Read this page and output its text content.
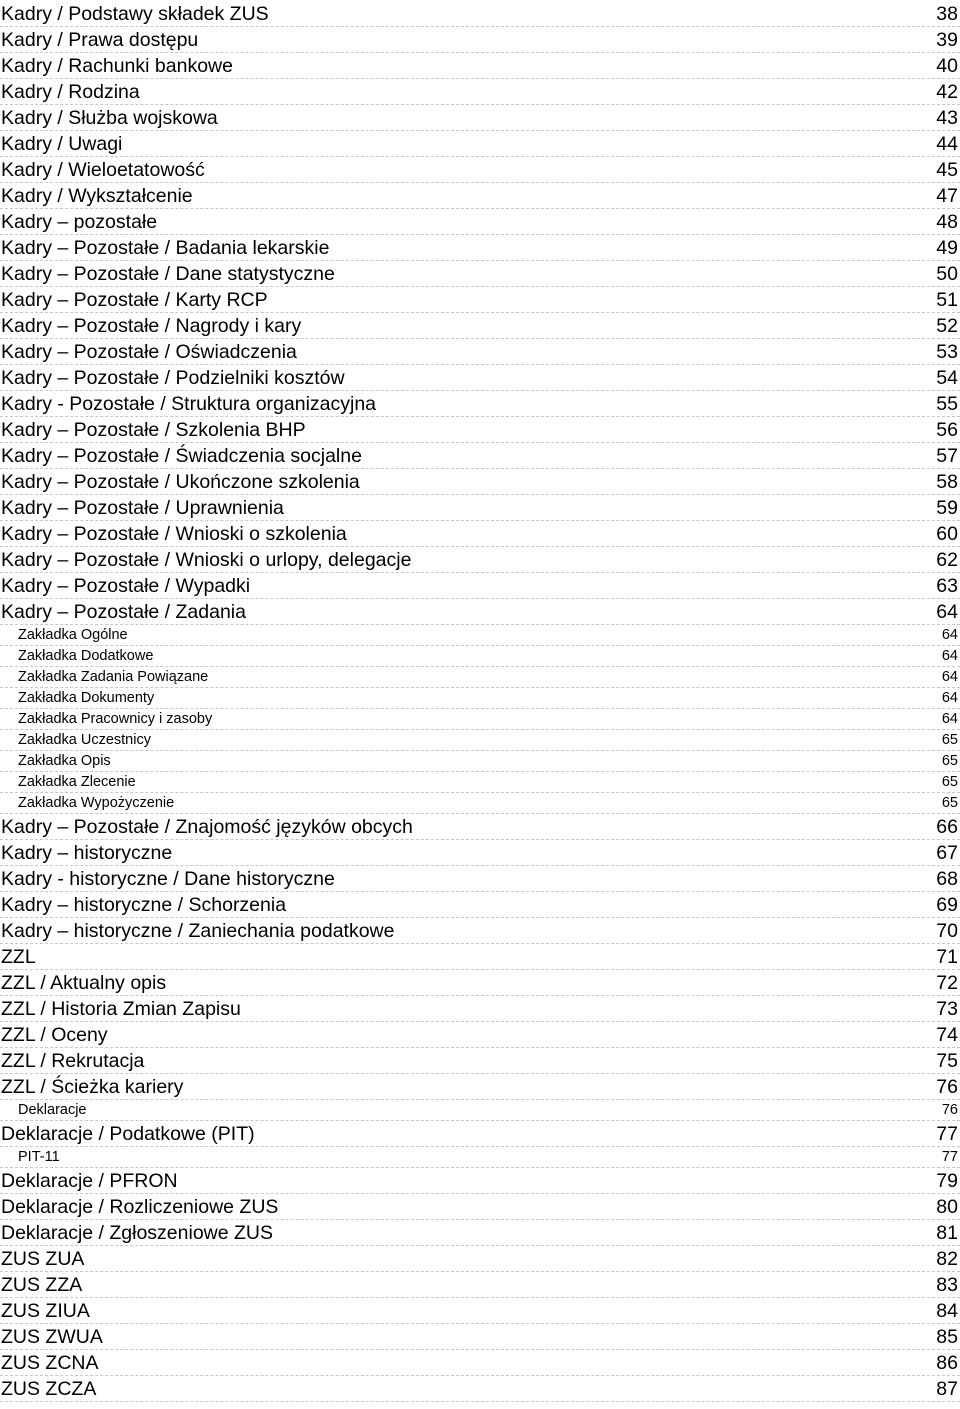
Kadry / Podstawy składek ZUS	38
Kadry / Prawa dostępu	39
Kadry / Rachunki bankowe	40
Kadry / Rodzina	42
Kadry / Służba wojskowa	43
Kadry / Uwagi	44
Kadry / Wieloetatowość	45
Kadry / Wykształcenie	47
Kadry – pozostałe	48
Kadry – Pozostałe / Badania lekarskie	49
Kadry – Pozostałe / Dane statystyczne	50
Kadry – Pozostałe / Karty RCP	51
Kadry – Pozostałe / Nagrody i kary	52
Kadry – Pozostałe / Oświadczenia	53
Kadry – Pozostałe / Podzielniki kosztów	54
Kadry - Pozostałe / Struktura organizacyjna	55
Kadry – Pozostałe / Szkolenia BHP	56
Kadry – Pozostałe / Świadczenia socjalne	57
Kadry – Pozostałe / Ukończone szkolenia	58
Kadry – Pozostałe / Uprawnienia	59
Kadry – Pozostałe / Wnioski o szkolenia	60
Kadry – Pozostałe / Wnioski o urlopy, delegacje	62
Kadry – Pozostałe / Wypadki	63
Kadry – Pozostałe / Zadania	64
Zakładka Ogólne	64
Zakładka Dodatkowe	64
Zakładka Zadania Powiązane	64
Zakładka Dokumenty	64
Zakładka Pracownicy i zasoby	64
Zakładka Uczestnicy	65
Zakładka Opis	65
Zakładka Zlecenie	65
Zakładka Wypożyczenie	65
Kadry – Pozostałe / Znajomość języków obcych	66
Kadry – historyczne	67
Kadry - historyczne / Dane historyczne	68
Kadry – historyczne / Schorzenia	69
Kadry – historyczne / Zaniechania podatkowe	70
ZZL	71
ZZL / Aktualny opis	72
ZZL / Historia Zmian Zapisu	73
ZZL / Oceny	74
ZZL / Rekrutacja	75
ZZL / Ścieżka kariery	76
Deklaracje	76
Deklaracje / Podatkowe (PIT)	77
PIT-11	77
Deklaracje / PFRON	79
Deklaracje / Rozliczeniowe ZUS	80
Deklaracje / Zgłoszeniowe ZUS	81
ZUS ZUA	82
ZUS ZZA	83
ZUS ZIUA	84
ZUS ZWUA	85
ZUS ZCNA	86
ZUS ZCZA	87
